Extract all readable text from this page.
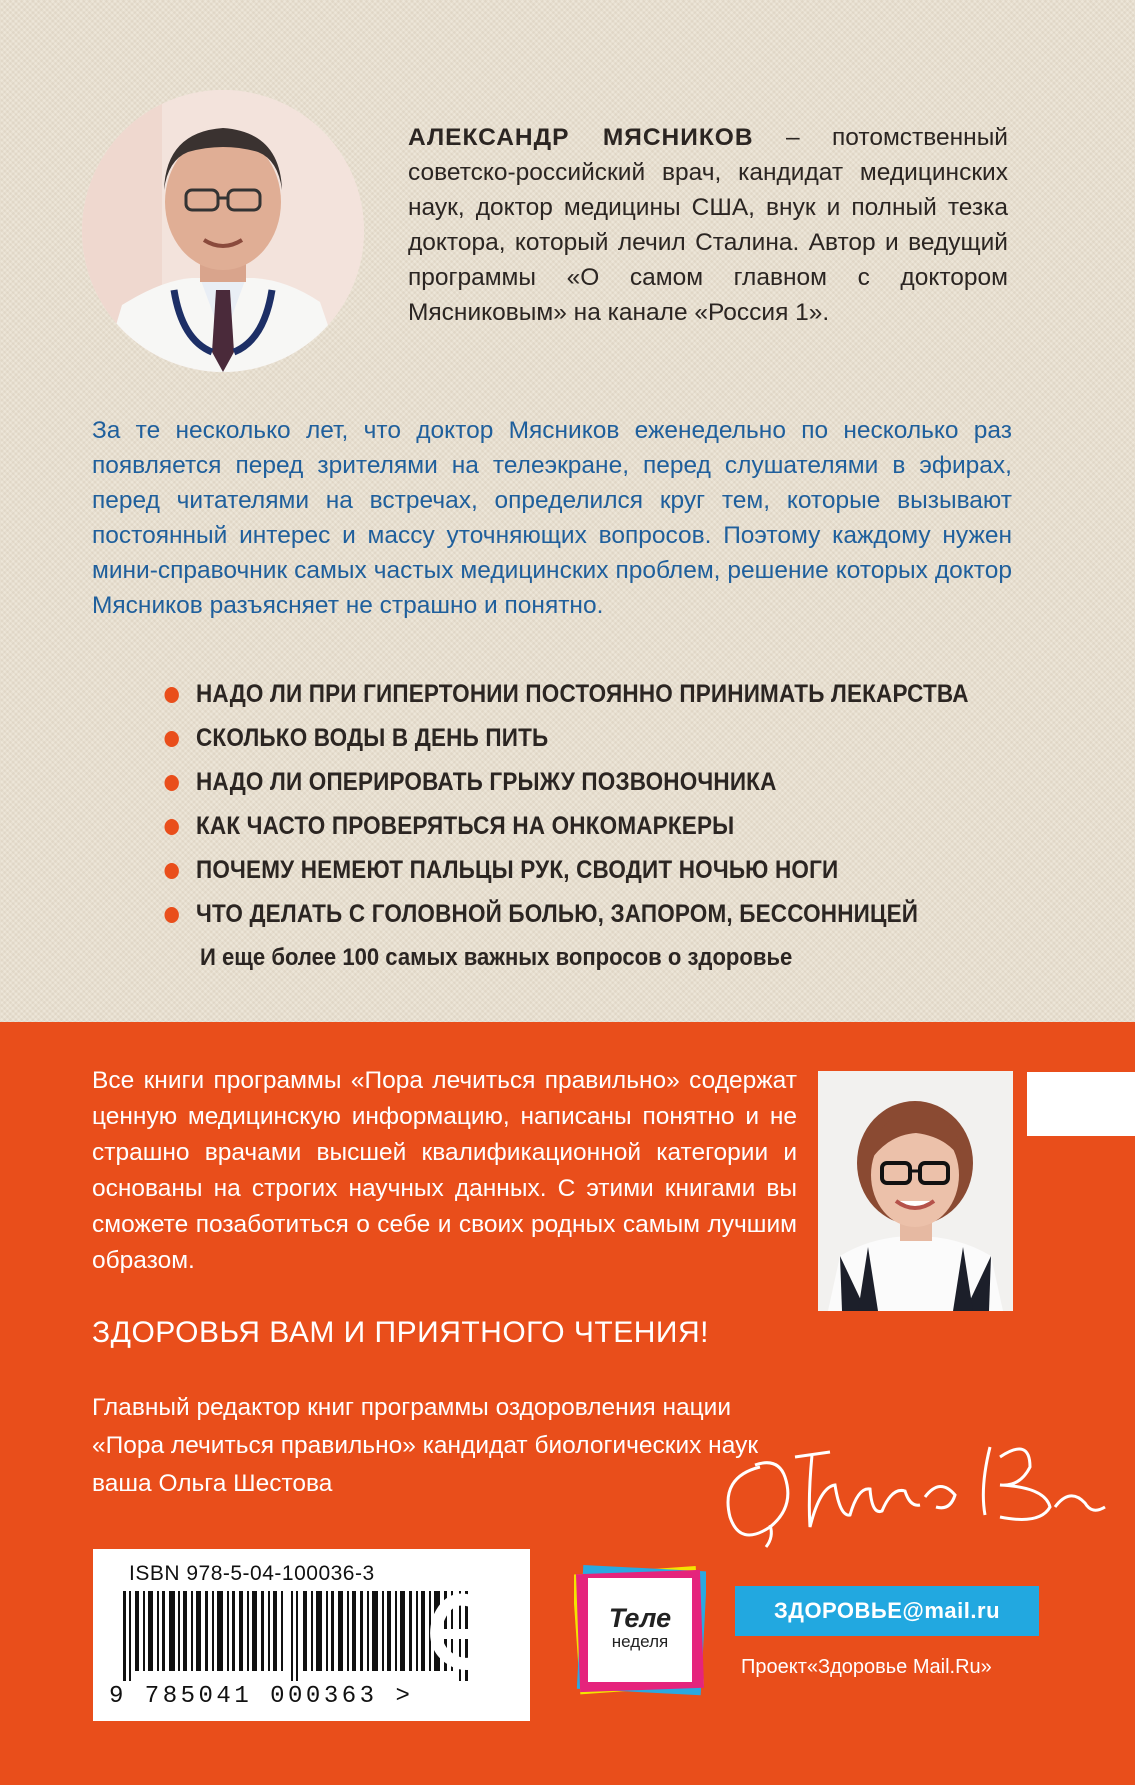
АЛЕКСАНДР МЯСНИКОВ – потомственный советско-российский врач, кандидат медицинских наук, доктор медицины США, внук и полный тезка доктора, который лечил Сталина. Автор и ведущий программы «О самом главном с доктором Мясниковым» на канале «Россия 1».

За те несколько лет, что доктор Мясников еженедельно по несколько раз появляется перед зрителями на телеэкране, перед слушателями в эфирах, перед читателями на встречах, определился круг тем, которые вызывают постоянный интерес и массу уточняющих вопросов. Поэтому каждому нужен мини-справочник самых частых медицинских проблем, решение которых доктор Мясников разъясняет не страшно и понятно.

НАДО ЛИ ПРИ ГИПЕРТОНИИ ПОСТОЯННО ПРИНИМАТЬ ЛЕКАРСТВА
СКОЛЬКО ВОДЫ В ДЕНЬ ПИТЬ
НАДО ЛИ ОПЕРИРОВАТЬ ГРЫЖУ ПОЗВОНОЧНИКА
КАК ЧАСТО ПРОВЕРЯТЬСЯ НА ОНКОМАРКЕРЫ
ПОЧЕМУ НЕМЕЮТ ПАЛЬЦЫ РУК, СВОДИТ НОЧЬЮ НОГИ
ЧТО ДЕЛАТЬ С ГОЛОВНОЙ БОЛЬЮ, ЗАПОРОМ, БЕССОННИЦЕЙ
И еще более 100 самых важных вопросов о здоровье

Все книги программы «Пора лечиться правильно» содержат ценную медицинскую информацию, написаны понятно и не страшно врачами высшей квалификационной категории и основаны на строгих научных данных. С этими книгами вы сможете позаботиться о себе и своих родных самым лучшим образом.

ЗДОРОВЬЯ ВАМ И ПРИЯТНОГО ЧТЕНИЯ!

Главный редактор книг программы оздоровления нации «Пора лечиться правильно» кандидат биологических наук ваша Ольга Шестова

ISBN 978-5-04-100036-3
9 785041 000363 >
Теле
неделя
ЗДОРОВЬЕ@mail.ru
Проект«Здоровье Mail.Ru»
